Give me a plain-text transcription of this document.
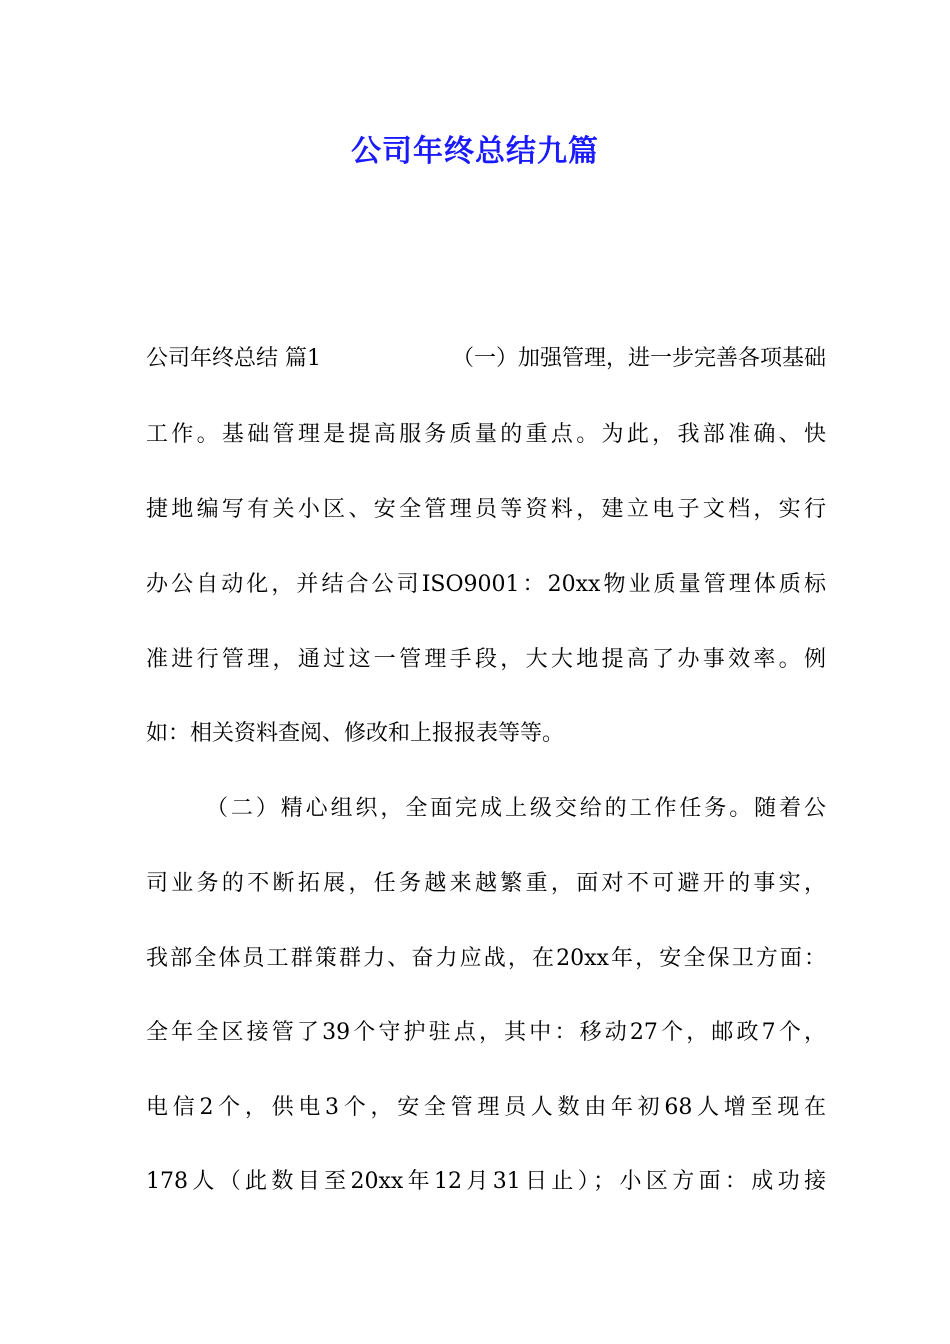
公司年终总结九篇
公司年终总结 篇1	（一）加强管理，进一步完善各项基础

工作。基础管理是提高服务质量的重点。为此，我部准确、快

捷地编写有关小区、安全管理员等资料，建立电子文档，实行

办公自动化，并结合公司ISO9001：20xx物业质量管理体质标

准进行管理，通过这一管理手段，大大地提高了办事效率。例

如：相关资料查阅、修改和上报报表等等。

（二）精心组织，全面完成上级交给的工作任务。随着公

司业务的不断拓展，任务越来越繁重，面对不可避开的事实，

我部全体员工群策群力、奋力应战，在20xx年，安全保卫方面：

全年全区接管了39个守护驻点，其中：移动27个，邮政7个，

电信2个，供电3个，安全管理员人数由年初68人增至现在

178人（此数目至20xx年12月31日止）；小区方面：成功接
